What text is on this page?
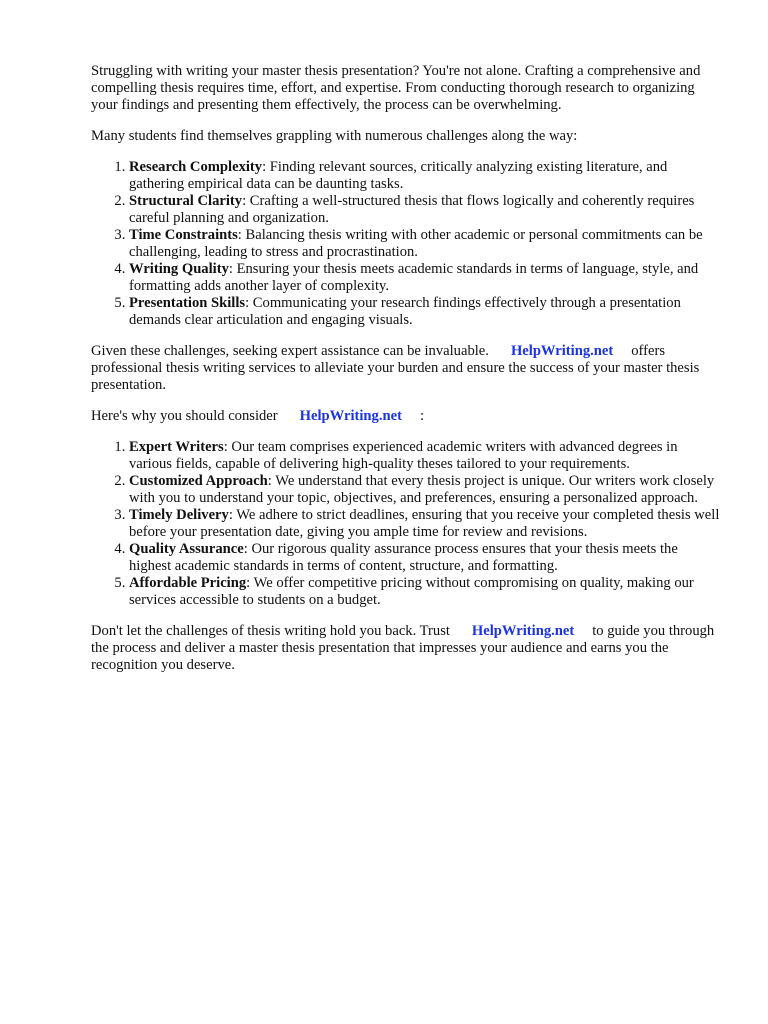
Struggling with writing your master thesis presentation? You're not alone. Crafting a comprehensive and compelling thesis requires time, effort, and expertise. From conducting thorough research to organizing your findings and presenting them effectively, the process can be overwhelming.

Many students find themselves grappling with numerous challenges along the way:

1. Research Complexity: Finding relevant sources, critically analyzing existing literature, and gathering empirical data can be daunting tasks.
2. Structural Clarity: Crafting a well-structured thesis that flows logically and coherently requires careful planning and organization.
3. Time Constraints: Balancing thesis writing with other academic or personal commitments can be challenging, leading to stress and procrastination.
4. Writing Quality: Ensuring your thesis meets academic standards in terms of language, style, and formatting adds another layer of complexity.
5. Presentation Skills: Communicating your research findings effectively through a presentation demands clear articulation and engaging visuals.

Given these challenges, seeking expert assistance can be invaluable. HelpWriting.net offers professional thesis writing services to alleviate your burden and ensure the success of your master thesis presentation.

Here's why you should consider HelpWriting.net :

1. Expert Writers: Our team comprises experienced academic writers with advanced degrees in various fields, capable of delivering high-quality theses tailored to your requirements.
2. Customized Approach: We understand that every thesis project is unique. Our writers work closely with you to understand your topic, objectives, and preferences, ensuring a personalized approach.
3. Timely Delivery: We adhere to strict deadlines, ensuring that you receive your completed thesis well before your presentation date, giving you ample time for review and revisions.
4. Quality Assurance: Our rigorous quality assurance process ensures that your thesis meets the highest academic standards in terms of content, structure, and formatting.
5. Affordable Pricing: We offer competitive pricing without compromising on quality, making our services accessible to students on a budget.

Don't let the challenges of thesis writing hold you back. Trust HelpWriting.net to guide you through the process and deliver a master thesis presentation that impresses your audience and earns you the recognition you deserve.
